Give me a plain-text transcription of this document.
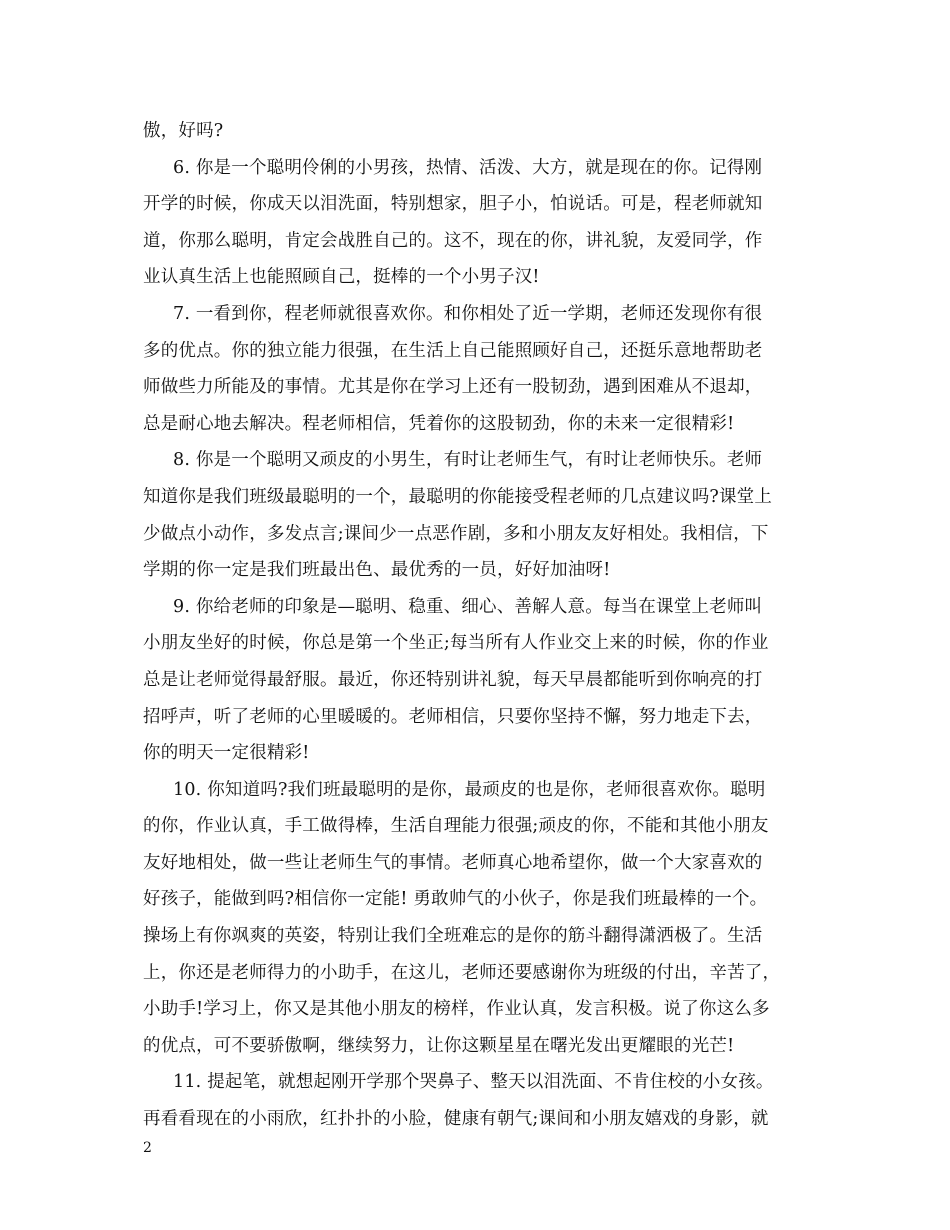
傲，好吗?
6. 你是一个聪明伶俐的小男孩，热情、活泼、大方，就是现在的你。记得刚
开学的时候，你成天以泪洗面，特别想家，胆子小，怕说话。可是，程老师就知
道，你那么聪明，肯定会战胜自己的。这不，现在的你，讲礼貌，友爱同学，作
业认真生活上也能照顾自己，挺棒的一个小男子汉!
7. 一看到你，程老师就很喜欢你。和你相处了近一学期，老师还发现你有很
多的优点。你的独立能力很强，在生活上自己能照顾好自己，还挺乐意地帮助老
师做些力所能及的事情。尤其是你在学习上还有一股韧劲，遇到困难从不退却，
总是耐心地去解决。程老师相信，凭着你的这股韧劲，你的未来一定很精彩!
8. 你是一个聪明又顽皮的小男生，有时让老师生气，有时让老师快乐。老师
知道你是我们班级最聪明的一个，最聪明的你能接受程老师的几点建议吗?课堂上
少做点小动作，多发点言;课间少一点恶作剧，多和小朋友友好相处。我相信，下
学期的你一定是我们班最出色、最优秀的一员，好好加油呀!
9. 你给老师的印象是—聪明、稳重、细心、善解人意。每当在课堂上老师叫
小朋友坐好的时候，你总是第一个坐正;每当所有人作业交上来的时候，你的作业
总是让老师觉得最舒服。最近，你还特别讲礼貌，每天早晨都能听到你响亮的打
招呼声，听了老师的心里暖暖的。老师相信，只要你坚持不懈，努力地走下去，
你的明天一定很精彩!
10. 你知道吗?我们班最聪明的是你，最顽皮的也是你，老师很喜欢你。聪明
的你，作业认真，手工做得棒，生活自理能力很强;顽皮的你，不能和其他小朋友
友好地相处，做一些让老师生气的事情。老师真心地希望你，做一个大家喜欢的
好孩子，能做到吗?相信你一定能! 勇敢帅气的小伙子，你是我们班最棒的一个。
操场上有你飒爽的英姿，特别让我们全班难忘的是你的筋斗翻得潇洒极了。生活
上，你还是老师得力的小助手，在这儿，老师还要感谢你为班级的付出，辛苦了，
小助手!学习上，你又是其他小朋友的榜样，作业认真，发言积极。说了你这么多
的优点，可不要骄傲啊，继续努力，让你这颗星星在曙光发出更耀眼的光芒!
11. 提起笔，就想起刚开学那个哭鼻子、整天以泪洗面、不肯住校的小女孩。
再看看现在的小雨欣，红扑扑的小脸，健康有朝气;课间和小朋友嬉戏的身影，就
2
